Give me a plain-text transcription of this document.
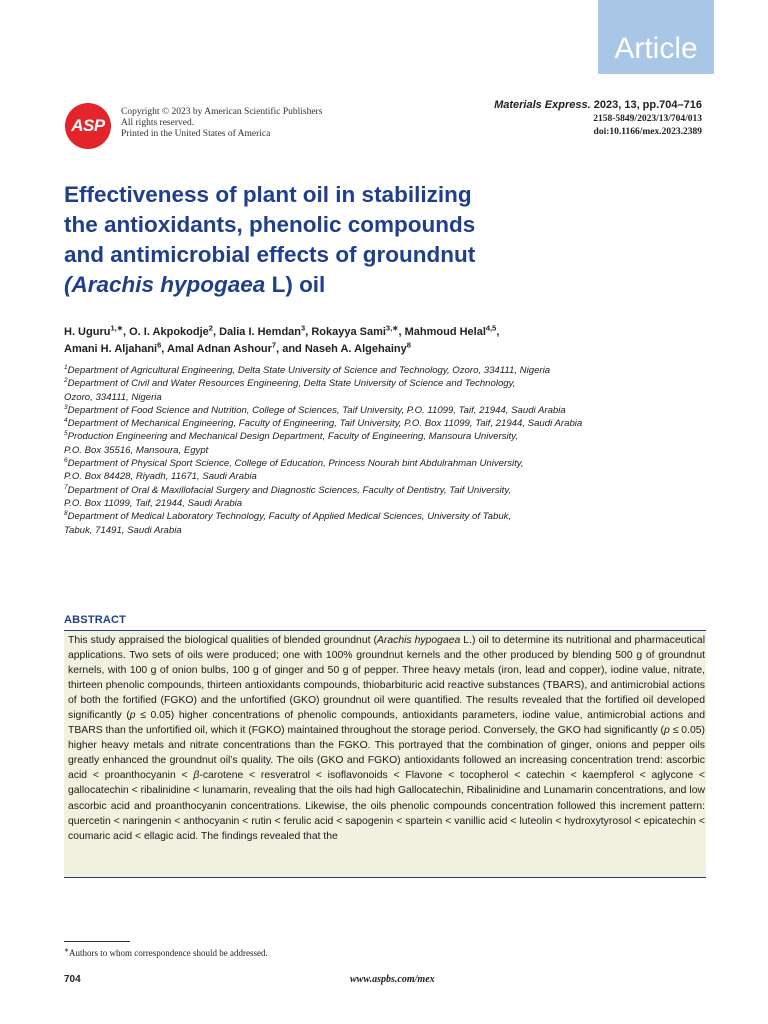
Article
ASP
Copyright © 2023 by American Scientific Publishers
All rights reserved.
Printed in the United States of America
Materials Express. 2023, 13, pp.704–716
2158-5849/2023/13/704/013
doi:10.1166/mex.2023.2389
Effectiveness of plant oil in stabilizing
the antioxidants, phenolic compounds
and antimicrobial effects of groundnut
(Arachis hypogaea L) oil
H. Uguru$^{1,∗}$, O. I. Akpokodje$^2$, Dalia I. Hemdan$^3$, Rokayya Sami$^{3,∗}$, Mahmoud Helal$^{4,5}$,
Amani H. Aljahani$^6$, Amal Adnan Ashour$^7$, and Naseh A. Algehainy$^8$
$^1$Department of Agricultural Engineering, Delta State University of Science and Technology, Ozoro, 334111, Nigeria
$^2$Department of Civil and Water Resources Engineering, Delta State University of Science and Technology,
Ozoro, 334111, Nigeria
$^3$Department of Food Science and Nutrition, College of Sciences, Taif University, P.O. 11099, Taif, 21944, Saudi Arabia
$^4$Department of Mechanical Engineering, Faculty of Engineering, Taif University, P.O. Box 11099, Taif, 21944, Saudi Arabia
$^5$Production Engineering and Mechanical Design Department, Faculty of Engineering, Mansoura University,
P.O. Box 35516, Mansoura, Egypt
$^6$Department of Physical Sport Science, College of Education, Princess Nourah bint Abdulrahman University,
P.O. Box 84428, Riyadh, 11671, Saudi Arabia
$^7$Department of Oral & Maxillofacial Surgery and Diagnostic Sciences, Faculty of Dentistry, Taif University,
P.O. Box 11099, Taif, 21944, Saudi Arabia
$^8$Department of Medical Laboratory Technology, Faculty of Applied Medical Sciences, University of Tabuk,
Tabuk, 71491, Saudi Arabia
ABSTRACT

This study appraised the biological qualities of blended groundnut (Arachis hypogaea L.) oil to determine its nutritional and pharmaceutical applications. Two sets of oils were produced; one with 100% groundnut kernels and the other produced by blending 500 g of groundnut kernels, with 100 g of onion bulbs, 100 g of ginger and 50 g of pepper. Three heavy metals (iron, lead and copper), iodine value, nitrate, thirteen phenolic compounds, thirteen antioxidants compounds, thiobarbituric acid reactive substances (TBARS), and antimicrobial actions of both the fortified (FGKO) and the unfortified (GKO) groundnut oil were quantified. The results revealed that the fortified oil developed significantly (p ≤ 0.05) higher concentrations of phenolic compounds, antioxidants parameters, iodine value, antimicrobial actions and TBARS than the unfortified oil, which it (FGKO) maintained throughout the storage period. Conversely, the GKO had significantly (p ≤ 0.05) higher heavy metals and nitrate concentrations than the FGKO. This portrayed that the combination of ginger, onions and pepper oils greatly enhanced the groundnut oil’s quality. The oils (GKO and FGKO) antioxidants followed an increasing concentration trend: ascorbic acid < proanthocyanin < β-carotene < resveratrol < isoflavonoids < Flavone < tocopherol < catechin < kaempferol < aglycone < gallocatechin < ribalinidine < lunamarin, revealing that the oils had high Gallocatechin, Ribalinidine and Lunamarin concentrations, and low ascorbic acid and proanthocyanin concentrations. Likewise, the oils phenolic compounds concentration followed this increment pattern: quercetin < naringenin < anthocyanin < rutin < ferulic acid < sapogenin < spartein < vanillic acid < luteolin < hydroxytyrosol < epicatechin < coumaric acid < ellagic acid. The findings revealed that the

∗Authors to whom correspondence should be addressed.
704	www.aspbs.com/mex
